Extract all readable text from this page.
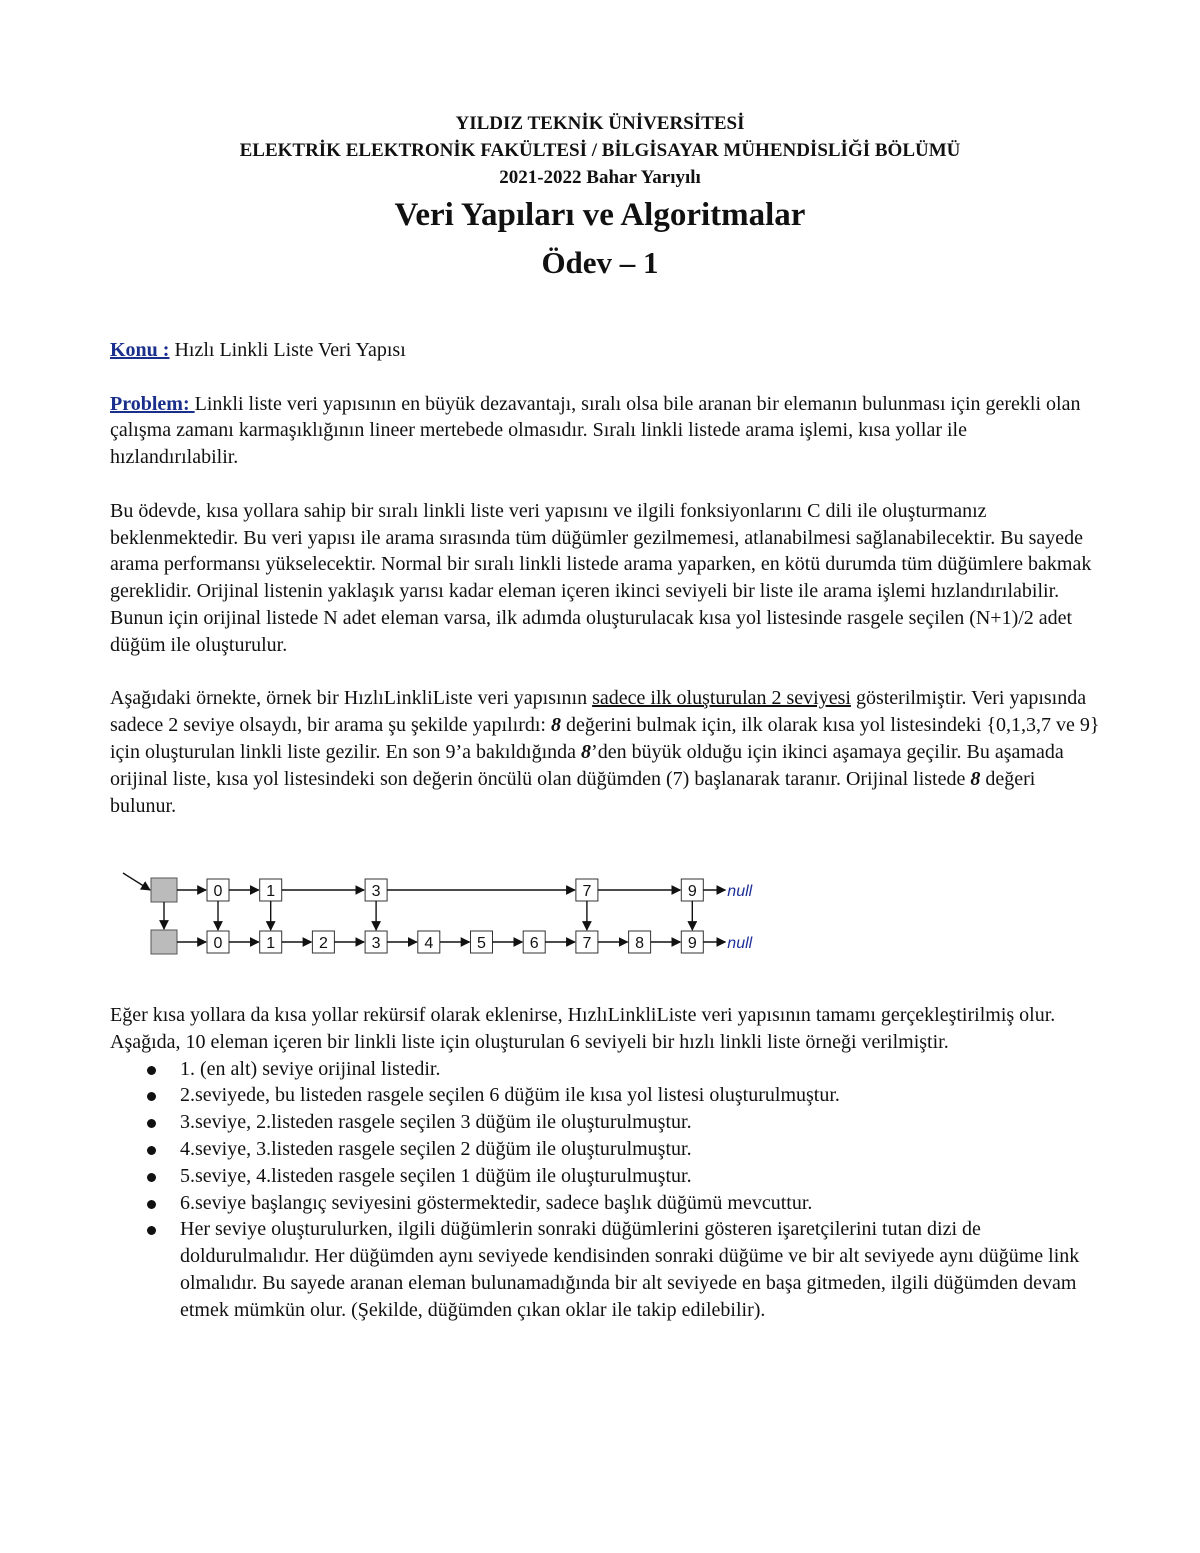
YILDIZ TEKNİK ÜNİVERSİTESİ
ELEKTRİK ELEKTRONİK FAKÜLTESİ / BİLGİSAYAR MÜHENDİSLİĞİ BÖLÜMÜ
2021-2022 Bahar Yarıyılı
Veri Yapıları ve Algoritmalar
Ödev – 1

Konu : Hızlı Linkli Liste Veri Yapısı

Problem: Linkli liste veri yapısının en büyük dezavantajı, sıralı olsa bile aranan bir elemanın bulunması için gerekli olan çalışma zamanı karmaşıklığının lineer mertebede olmasıdır. Sıralı linkli listede arama işlemi, kısa yollar ile hızlandırılabilir.

Bu ödevde, kısa yollara sahip bir sıralı linkli liste veri yapısını ve ilgili fonksiyonlarını C dili ile oluşturmanız beklenmektedir. Bu veri yapısı ile arama sırasında tüm düğümler gezilmemesi, atlanabilmesi sağlanabilecektir. Bu sayede arama performansı yükselecektir. Normal bir sıralı linkli listede arama yaparken, en kötü durumda tüm düğümlere bakmak gereklidir. Orijinal listenin yaklaşık yarısı kadar eleman içeren ikinci seviyeli bir liste ile arama işlemi hızlandırılabilir. Bunun için orijinal listede N adet eleman varsa, ilk adımda oluşturulacak kısa yol listesinde rasgele seçilen (N+1)/2 adet düğüm ile oluşturulur.

Aşağıdaki örnekte, örnek bir HızlıLinkliListe veri yapısının sadece ilk oluşturulan 2 seviyesi gösterilmiştir. Veri yapısında sadece 2 seviye olsaydı, bir arama şu şekilde yapılırdı: 8 değerini bulmak için, ilk olarak kısa yol listesindeki {0,1,3,7 ve 9} için oluşturulan linkli liste gezilir. En son 9’a bakıldığında 8’den büyük olduğu için ikinci aşamaya geçilir. Bu aşamada orijinal liste, kısa yol listesindeki son değerin öncülü olan düğümden (7) başlanarak taranır. Orijinal listede 8 değeri bulunur.

0	1	2	3	4	5	6	7	8	9 null
0	1	3	7	9 null

Eğer kısa yollara da kısa yollar rekürsif olarak eklenirse, HızlıLinkliListe veri yapısının tamamı gerçekleştirilmiş olur. Aşağıda, 10 eleman içeren bir linkli liste için oluşturulan 6 seviyeli bir hızlı linkli liste örneği verilmiştir.

1. (en alt) seviye orijinal listedir.
2.seviyede, bu listeden rasgele seçilen 6 düğüm ile kısa yol listesi oluşturulmuştur.
3.seviye, 2.listeden rasgele seçilen 3 düğüm ile oluşturulmuştur.
4.seviye, 3.listeden rasgele seçilen 2 düğüm ile oluşturulmuştur.
5.seviye, 4.listeden rasgele seçilen 1 düğüm ile oluşturulmuştur.
6.seviye başlangıç seviyesini göstermektedir, sadece başlık düğümü mevcuttur.
Her seviye oluşturulurken, ilgili düğümlerin sonraki düğümlerini gösteren işaretçilerini tutan dizi de doldurulmalıdır. Her düğümden aynı seviyede kendisinden sonraki düğüme ve bir alt seviyede aynı düğüme link olmalıdır. Bu sayede aranan eleman bulunamadığında bir alt seviyede en başa gitmeden, ilgili düğümden devam etmek mümkün olur. (Şekilde, düğümden çıkan oklar ile takip edilebilir).
